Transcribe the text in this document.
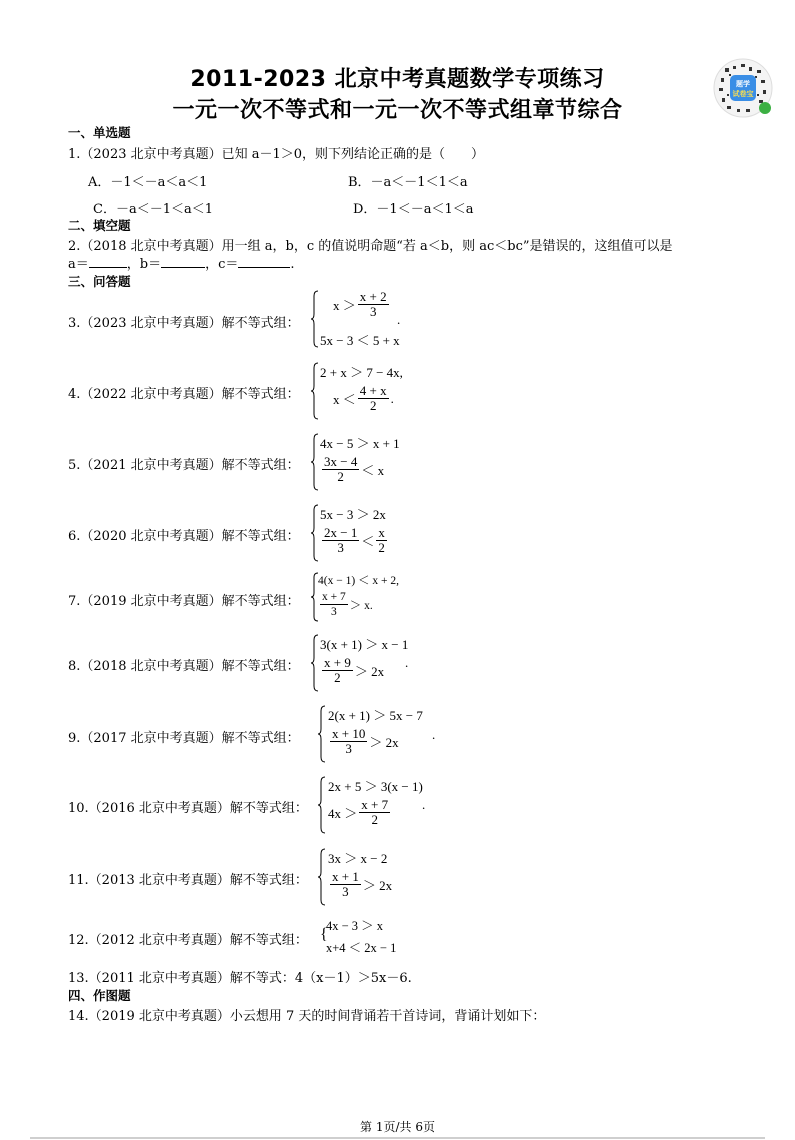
2011-2023 北京中考真题数学专项练习
一元一次不等式和一元一次不等式组章节综合
题学
试卷宝
一、单选题
1.（2023 北京中考真题）已知 a－1＞0，则下列结论正确的是（　　）
A．－1＜－a＜a＜1	B．－a＜－1＜1＜a
C．－a＜－1＜a＜1	D．－1＜－a＜1＜a
二、填空题
2.（2018 北京中考真题）用一组 a，b，c 的值说明命题“若 a＜b，则 ac＜bc”是错误的，这组值可以是
a＝	，b＝	，c＝	.
三、问答题
3.（2023 北京中考真题）解不等式组：
$x > \frac{x + 2}{3}$
5x − 3 ＜ 5 + x
.
4.（2022 北京中考真题）解不等式组：
2 + x ＞ 7 − 4x,
$x < \frac{4 + x}{2}$ .
5.（2021 北京中考真题）解不等式组：
4x − 5 ＞ x + 1
$\frac{3x - 4}{2} < x$
6.（2020 北京中考真题）解不等式组：
5x − 3 ＞ 2x
$\frac{2x - 1}{3} < \frac{x}{2}$
7.（2019 北京中考真题）解不等式组：
4(x − 1) ＜ x + 2,
$\frac{x + 7}{3} > x$.
8.（2018 北京中考真题）解不等式组：
3(x + 1) ＞ x − 1
$\frac{x + 9}{2} > 2x$
.
9.（2017 北京中考真题）解不等式组：
2(x + 1) ＞ 5x − 7
$\frac{x + 10}{3} > 2x$
.
10.（2016 北京中考真题）解不等式组：
2x + 5 ＞ 3(x − 1)
$4x > \frac{x + 7}{2}$ .
11.（2013 北京中考真题）解不等式组：
3x ＞ x − 2
$\frac{x + 1}{3} > 2x$
12.（2012 北京中考真题）解不等式组： {
4x − 3 ＞ x
x+4 ＜ 2x − 1
13.（2011 北京中考真题）解不等式：4（x－1）＞5x－6.
四、作图题
14.（2019 北京中考真题）小云想用 7 天的时间背诵若干首诗词，背诵计划如下：
第 1页/共 6页
